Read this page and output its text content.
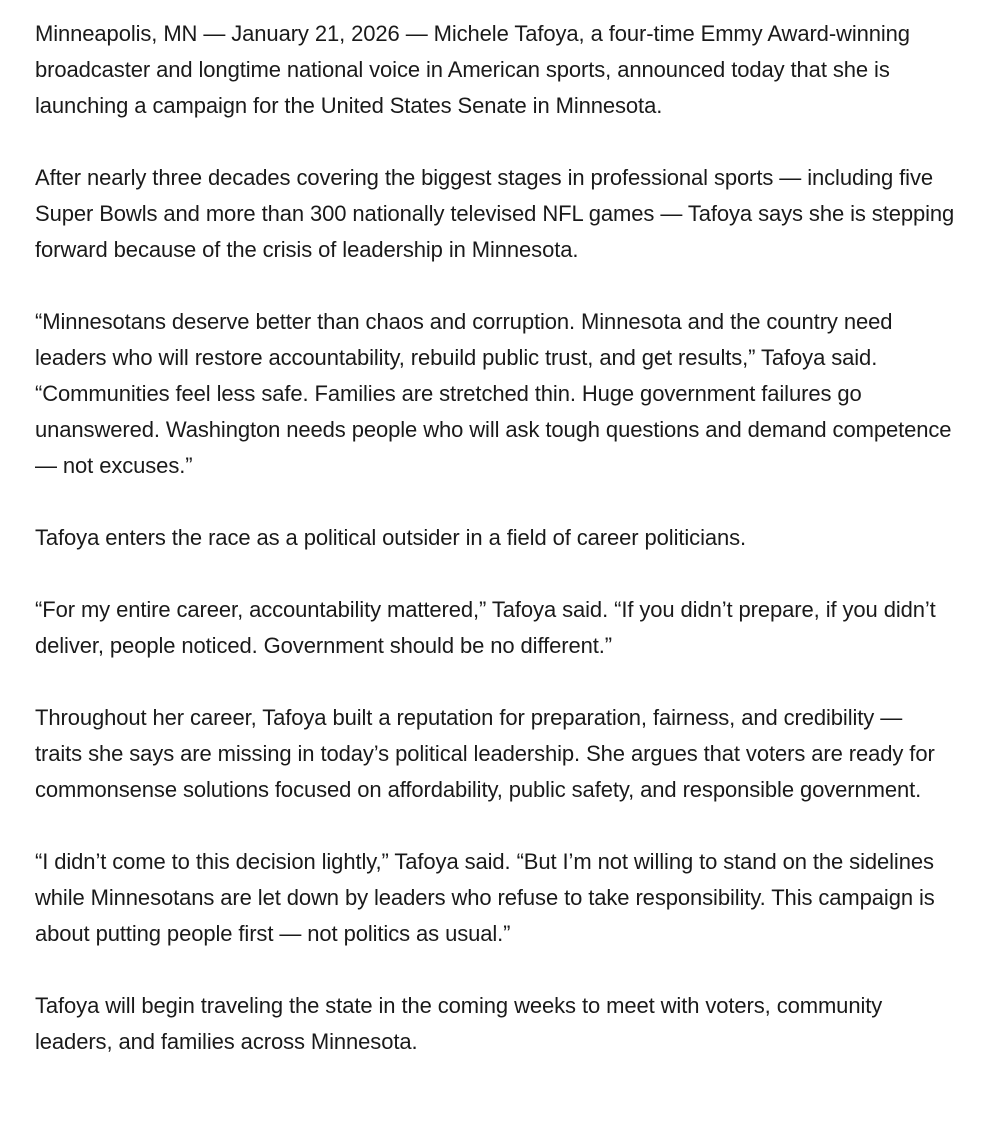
Minneapolis, MN — January 21, 2026 — Michele Tafoya, a four-time Emmy Award-winning broadcaster and longtime national voice in American sports, announced today that she is launching a campaign for the United States Senate in Minnesota.

After nearly three decades covering the biggest stages in professional sports — including five Super Bowls and more than 300 nationally televised NFL games — Tafoya says she is stepping forward because of the crisis of leadership in Minnesota.

“Minnesotans deserve better than chaos and corruption. Minnesota and the country need leaders who will restore accountability, rebuild public trust, and get results,” Tafoya said. “Communities feel less safe. Families are stretched thin. Huge government failures go unanswered. Washington needs people who will ask tough questions and demand competence — not excuses.”

Tafoya enters the race as a political outsider in a field of career politicians.

“For my entire career, accountability mattered,” Tafoya said. “If you didn’t prepare, if you didn’t deliver, people noticed. Government should be no different.”

Throughout her career, Tafoya built a reputation for preparation, fairness, and credibility — traits she says are missing in today’s political leadership. She argues that voters are ready for commonsense solutions focused on affordability, public safety, and responsible government.

“I didn’t come to this decision lightly,” Tafoya said. “But I’m not willing to stand on the sidelines while Minnesotans are let down by leaders who refuse to take responsibility. This campaign is about putting people first — not politics as usual.”

Tafoya will begin traveling the state in the coming weeks to meet with voters, community leaders, and families across Minnesota.
